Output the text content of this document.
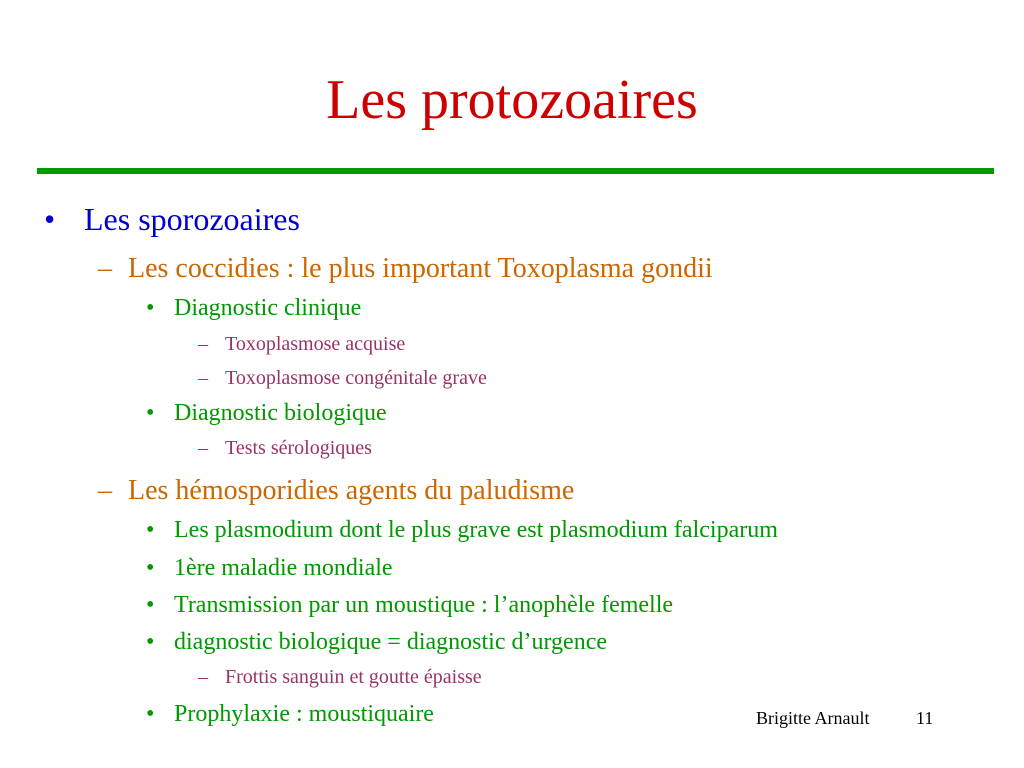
Les protozoaires
• Les sporozoaires
– Les coccidies : le plus important Toxoplasma gondii
• Diagnostic clinique
– Toxoplasmose acquise
– Toxoplasmose congénitale grave
• Diagnostic biologique
– Tests sérologiques
– Les hémosporidies agents du paludisme
• Les plasmodium dont le plus grave est plasmodium falciparum
• 1ère maladie mondiale
• Transmission par un moustique : l’anophèle femelle
• diagnostic biologique = diagnostic d’urgence
– Frottis sanguin et goutte épaisse
• Prophylaxie : moustiquaire	Brigitte Arnault	11
